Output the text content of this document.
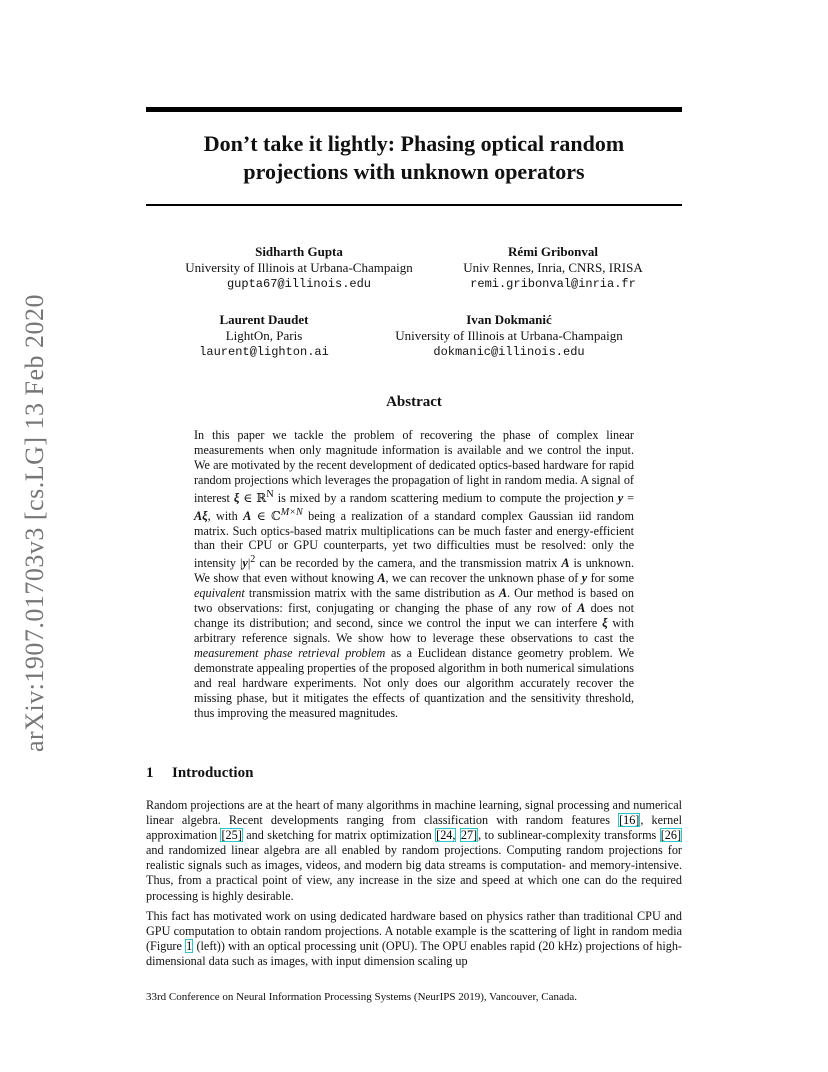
arXiv:1907.01703v3 [cs.LG] 13 Feb 2020
Don’t take it lightly: Phasing optical random
projections with unknown operators
Sidharth Gupta
University of Illinois at Urbana-Champaign
gupta67@illinois.edu
Rémi Gribonval
Univ Rennes, Inria, CNRS, IRISA
remi.gribonval@inria.fr
Laurent Daudet
LightOn, Paris
laurent@lighton.ai
Ivan Dokmanić
University of Illinois at Urbana-Champaign
dokmanic@illinois.edu
Abstract
In this paper we tackle the problem of recovering the phase of complex linear measurements when only magnitude information is available and we control the input. We are motivated by the recent development of dedicated optics-based hardware for rapid random projections which leverages the propagation of light in random media. A signal of interest ξ ∈ ℝ$^N$ is mixed by a random scattering medium to compute the projection y = Aξ, with A ∈ ℂ$^{M\times N}$ being a realization of a standard complex Gaussian iid random matrix. Such optics-based matrix multiplications can be much faster and energy-efficient than their CPU or GPU counterparts, yet two difficulties must be resolved: only the intensity $|y|^2$ can be recorded by the camera, and the transmission matrix A is unknown. We show that even without knowing A, we can recover the unknown phase of y for some equivalent transmission matrix with the same distribution as A. Our method is based on two observations: first, conjugating or changing the phase of any row of A does not change its distribution; and second, since we control the input we can interfere ξ with arbitrary reference signals. We show how to leverage these observations to cast the measurement phase retrieval problem as a Euclidean distance geometry problem. We demonstrate appealing properties of the proposed algorithm in both numerical simulations and real hardware experiments. Not only does our algorithm accurately recover the missing phase, but it mitigates the effects of quantization and the sensitivity threshold, thus improving the measured magnitudes.
1 Introduction
Random projections are at the heart of many algorithms in machine learning, signal processing and numerical linear algebra. Recent developments ranging from classification with random features [16], kernel approximation [25] and sketching for matrix optimization [24, 27], to sublinear-complexity transforms [26] and randomized linear algebra are all enabled by random projections. Computing random projections for realistic signals such as images, videos, and modern big data streams is computation- and memory-intensive. Thus, from a practical point of view, any increase in the size and speed at which one can do the required processing is highly desirable.
This fact has motivated work on using dedicated hardware based on physics rather than traditional CPU and GPU computation to obtain random projections. A notable example is the scattering of light in random media (Figure 1 (left)) with an optical processing unit (OPU). The OPU enables rapid (20 kHz) projections of high-dimensional data such as images, with input dimension scaling up
33rd Conference on Neural Information Processing Systems (NeurIPS 2019), Vancouver, Canada.
